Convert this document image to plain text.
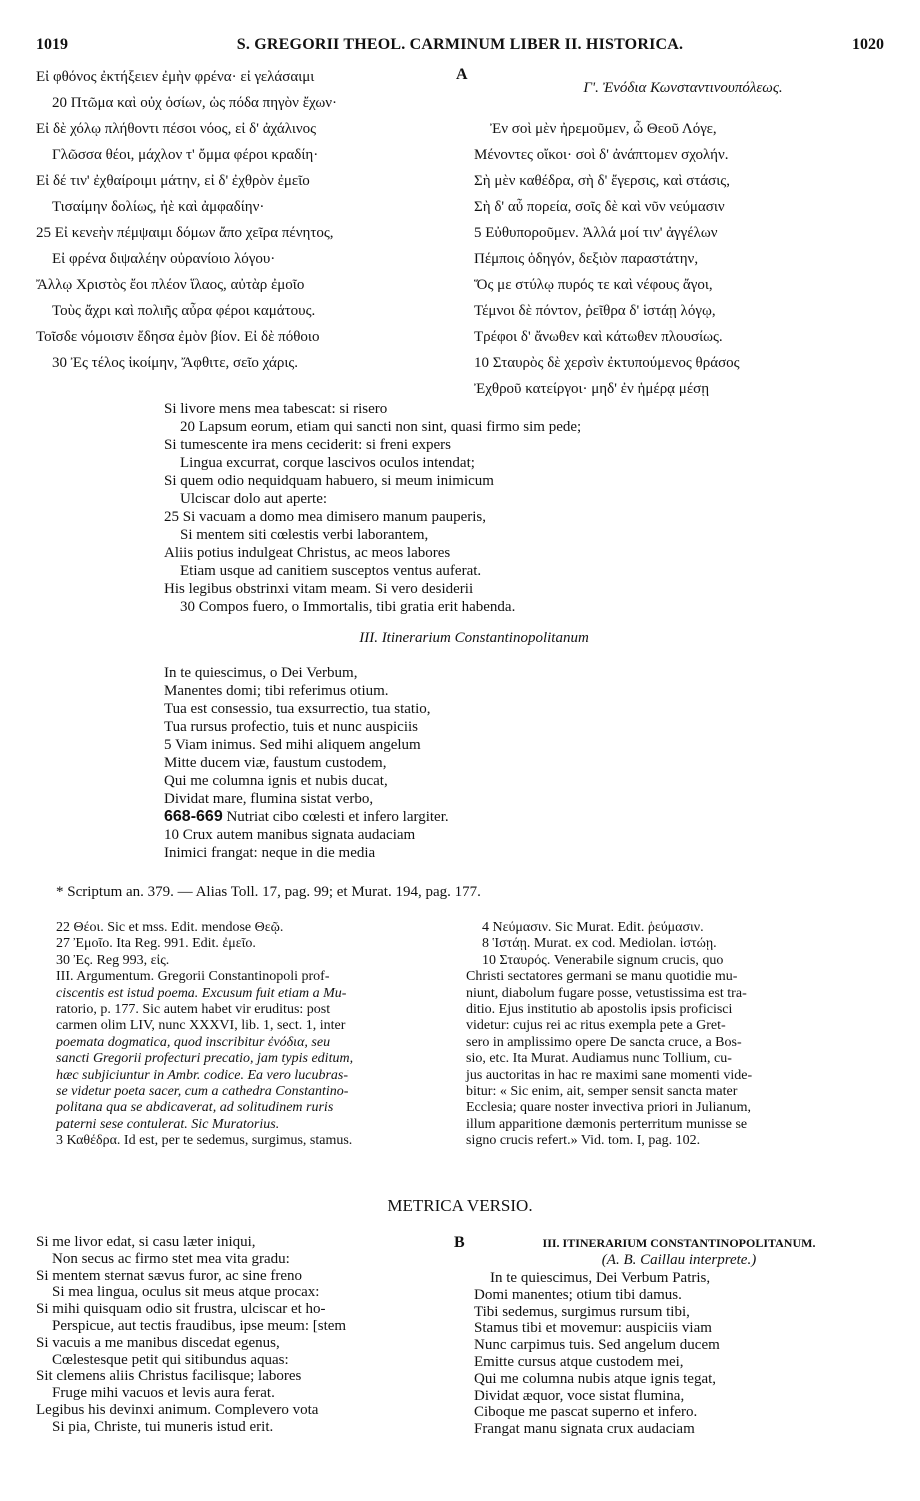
1019	S. GREGORII THEOL. CARMINUM LIBER II. HISTORICA.	1020
Εἰ φθόνος ἐκτήξειεν ἐμὴν φρένα· εἰ γελάσαιμι
20 Πτῶμα καὶ οὐχ ὁσίων, ὡς πόδα πηγὸν ἔχων·
Εἰ δὲ χόλῳ πλήθοντι πέσοι νόος, εἰ δ' ἀχάλινος
Γλῶσσα θέοι, μάχλον τ' ὄμμα φέροι κραδίη·
Εἰ δέ τιν' ἐχθαίροιμι μάτην, εἰ δ' ἐχθρὸν ἐμεῖο
Τισαίμην δολίως, ἠὲ καὶ ἀμφαδίην·
25 Εἰ κενεὴν πέμψαιμι δόμων ἄπο χεῖρα πένητος,
Εἰ φρένα διψαλέην οὐρανίοιο λόγου·
Ἄλλῳ Χριστὸς ἔοι πλέον ἵλαος, αὐτὰρ ἐμοῖο
Τοὺς ἄχρι καὶ πολιῆς αὖρα φέροι καμάτους.
Τοῖσδε νόμοισιν ἔδησα ἐμὸν βίον. Εἰ δὲ πόθοιο
30 Ἐς τέλος ἱκοίμην, Ἄφθιτε, σεῖο χάρις.
A
Γ'. Ἐνόδια Κωνσταντινουπόλεως.
Ἐν σοὶ μὲν ἠρεμοῦμεν, ὦ Θεοῦ Λόγε,
Μένοντες οἴκοι· σοὶ δ' ἀνάπτομεν σχολήν.
Σὴ μὲν καθέδρα, σὴ δ' ἔγερσις, καὶ στάσις,
Σὴ δ' αὖ πορεία, σοῖς δὲ καὶ νῦν νεύμασιν
5 Εὐθυποροῦμεν. Ἀλλά μοί τιν' ἀγγέλων
Πέμποις ὁδηγόν, δεξιὸν παραστάτην,
Ὅς με στύλῳ πυρός τε καὶ νέφους ἄγοι,
Τέμνοι δὲ πόντον, ῥεῖθρα δ' ἱστάῃ λόγῳ,
Τρέφοι δ' ἄνωθεν καὶ κάτωθεν πλουσίως.
10 Σταυρὸς δὲ χερσὶν ἐκτυπούμενος θράσος
Ἐχθροῦ κατείργοι· μηδ' ἐν ἡμέρᾳ μέσῃ
Si livore mens mea tabescat: si risero
20 Lapsum eorum, etiam qui sancti non sint, quasi firmo sim pede;
Si tumescente ira mens ceciderit: si freni expers
Lingua excurrat, corque lascivos oculos intendat;
Si quem odio nequidquam habuero, si meum inimicum
Ulciscar dolo aut aperte:
25 Si vacuam a domo mea dimisero manum pauperis,
Si mentem siti cœlestis verbi laborantem,
Aliis potius indulgeat Christus, ac meos labores
Etiam usque ad canitiem susceptos ventus auferat.
His legibus obstrinxi vitam meam. Si vero desiderii
30 Compos fuero, o Immortalis, tibi gratia erit habenda.
III. Itinerarium Constantinopolitanum
In te quiescimus, o Dei Verbum,
Manentes domi; tibi referimus otium.
Tua est consessio, tua exsurrectio, tua statio,
Tua rursus profectio, tuis et nunc auspiciis
5 Viam inimus. Sed mihi aliquem angelum
Mitte ducem viæ, faustum custodem,
Qui me columna ignis et nubis ducat,
Dividat mare, flumina sistat verbo,
668-669 Nutriat cibo cœlesti et infero largiter.
10 Crux autem manibus signata audaciam
Inimici frangat: neque in die media
* Scriptum an. 379. — Alias Toll. 17, pag. 99; et Murat. 194, pag. 177.
22 Θέοι. Sic et mss. Edit. mendose Θεῷ.
27 Ἐμοῖο. Ita Reg. 991. Edit. ἐμεῖο.
30 Ἐς. Reg 993, εἰς.
III. Argumentum. Gregorii Constantinopoli prof-
ciscentis est istud poema. Excusum fuit etiam a Mu-
ratorio, p. 177. Sic autem habet vir eruditus: post
carmen olim LIV, nunc XXXVI, lib. 1, sect. 1, inter
poemata dogmatica, quod inscribitur ἐνόδια, seu
sancti Gregorii profecturi precatio, jam typis editum,
hæc subjiciuntur in Ambr. codice. Ea vero lucubras-
se videtur poeta sacer, cum a cathedra Constantino-
politana qua se abdicaverat, ad solitudinem ruris
paterni sese contulerat. Sic Muratorius.
3 Καθέδρα. Id est, per te sedemus, surgimus, stamus.
4 Νεύμασιν. Sic Murat. Edit. ῥεύμασιν.
8 Ἱστάῃ. Murat. ex cod. Mediolan. ἱστώῃ.
10 Σταυρός. Venerabile signum crucis, quo
Christi sectatores germani se manu quotidie mu-
niunt, diabolum fugare posse, vetustissima est tra-
ditio. Ejus institutio ab apostolis ipsis proficisci
videtur: cujus rei ac ritus exempla pete a Gret-
sero in amplissimo opere De sancta cruce, a Bos-
sio, etc. Ita Murat. Audiamus nunc Tollium, cu-
jus auctoritas in hac re maximi sane momenti vide-
bitur: « Sic enim, ait, semper sensit sancta mater
Ecclesia; quare noster invectiva priori in Julianum,
illum apparitione dæmonis perterritum munisse se
signo crucis refert.» Vid. tom. I, pag. 102.
METRICA VERSIO.
Si me livor edat, si casu læter iniqui,
Non secus ac firmo stet mea vita gradu:
Si mentem sternat sævus furor, ac sine freno
Si mea lingua, oculus sit meus atque procax:
Si mihi quisquam odio sit frustra, ulciscar et ho-
Perspicue, aut tectis fraudibus, ipse meum: [stem
Si vacuis a me manibus discedat egenus,
Cœlestesque petit qui sitibundus aquas:
Sit clemens aliis Christus facilisque; labores
Fruge mihi vacuos et levis aura ferat.
Legibus his devinxi animum. Complevero vota
Si pia, Christe, tui muneris istud erit.
B	III. ITINERARIUM CONSTANTINOPOLITANUM.
(A. B. Caillau interprete.)
In te quiescimus, Dei Verbum Patris,
Domi manentes; otium tibi damus.
Tibi sedemus, surgimus rursum tibi,
Stamus tibi et movemur: auspiciis viam
Nunc carpimus tuis. Sed angelum ducem
Emitte cursus atque custodem mei,
Qui me columna nubis atque ignis tegat,
Dividat æquor, voce sistat flumina,
Ciboque me pascat superno et infero.
Frangat manu signata crux audaciam
